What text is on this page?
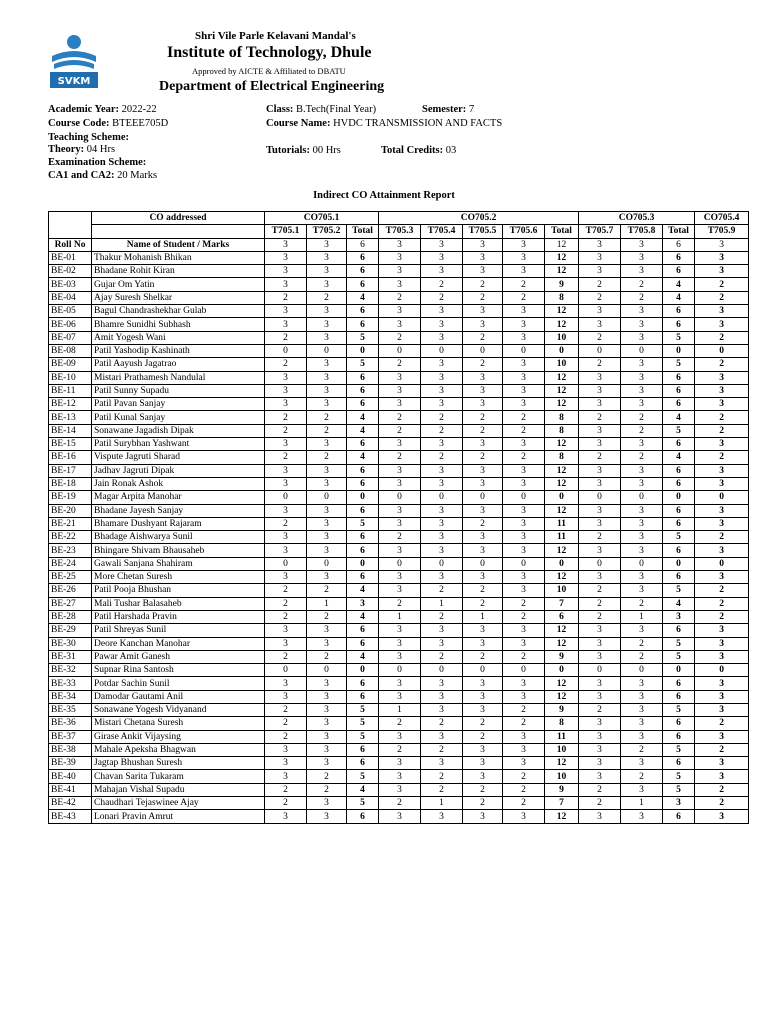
SVKM
Shri Vile Parle Kelavani Mandal's
Institute of Technology, Dhule
Approved by AICTE & Affiliated to DBATU
Department of Electrical Engineering
Academic Year: 2022-22	Class: B.Tech(Final Year)	Semester: 7
Course Code: BTEEE705D	Course Name: HVDC TRANSMISSION AND FACTS
Teaching Scheme:
Theory: 04 Hrs	Tutorials: 00 Hrs	Total Credits: 03
Examination Scheme:
CA1 and CA2: 20 Marks
Indirect CO Attainment Report
	CO addressed	CO705.1			CO705.2					CO705.3			CO705.4
		T705.1	T705.2	Total	T705.3	T705.4	T705.5	T705.6	Total	T705.7	T705.8	Total	T705.9
Roll No	Name of Student / Marks	3	3	6	3	3	3	3	12	3	3	6	3
BE-01	Thakur Mohanish Bhikan	3	3	6	3	3	3	3	12	3	3	6	3
BE-02	Bhadane Rohit Kiran	3	3	6	3	3	3	3	12	3	3	6	3
BE-03	Gujar Om Yatin	3	3	6	3	2	2	2	9	2	2	4	2
BE-04	Ajay Suresh Shelkar	2	2	4	2	2	2	2	8	2	2	4	2
BE-05	Bagul Chandrashekhar Gulab	3	3	6	3	3	3	3	12	3	3	6	3
BE-06	Bhamre Sunidhi Subhash	3	3	6	3	3	3	3	12	3	3	6	3
BE-07	Amit Yogesh Wani	2	3	5	2	3	2	3	10	2	3	5	2
BE-08	Patil Yashodip Kashinath	0	0	0	0	0	0	0	0	0	0	0	0
BE-09	Patil Aayush Jagatrao	2	3	5	2	3	2	3	10	2	3	5	2
BE-10	Mistari Prathamesh Nandulal	3	3	6	3	3	3	3	12	3	3	6	3
BE-11	Patil Sunny Supadu	3	3	6	3	3	3	3	12	3	3	6	3
BE-12	Patil Pavan Sanjay	3	3	6	3	3	3	3	12	3	3	6	3
BE-13	Patil Kunal Sanjay	2	2	4	2	2	2	2	8	2	2	4	2
BE-14	Sonawane Jagadish Dipak	2	2	4	2	2	2	2	8	3	2	5	2
BE-15	Patil Surybhan Yashwant	3	3	6	3	3	3	3	12	3	3	6	3
BE-16	Vispute Jagruti Sharad	2	2	4	2	2	2	2	8	2	2	4	2
BE-17	Jadhav Jagruti Dipak	3	3	6	3	3	3	3	12	3	3	6	3
BE-18	Jain Ronak Ashok	3	3	6	3	3	3	3	12	3	3	6	3
BE-19	Magar Arpita Manohar	0	0	0	0	0	0	0	0	0	0	0	0
BE-20	Bhadane Jayesh Sanjay	3	3	6	3	3	3	3	12	3	3	6	3
BE-21	Bhamare Dushyant Rajaram	2	3	5	3	3	2	3	11	3	3	6	3
BE-22	Bhadage Aishwarya Sunil	3	3	6	2	3	3	3	11	2	3	5	2
BE-23	Bhingare Shivam Bhausaheb	3	3	6	3	3	3	3	12	3	3	6	3
BE-24	Gawali Sanjana Shahiram	0	0	0	0	0	0	0	0	0	0	0	0
BE-25	More Chetan Suresh	3	3	6	3	3	3	3	12	3	3	6	3
BE-26	Patil Pooja Bhushan	2	2	4	3	2	2	3	10	2	3	5	2
BE-27	Mali Tushar Balasaheb	2	1	3	2	1	2	2	7	2	2	4	2
BE-28	Patil Harshada Pravin	2	2	4	1	2	1	2	6	2	1	3	2
BE-29	Patil Shreyas Sunil	3	3	6	3	3	3	3	12	3	3	6	3
BE-30	Deore Kanchan Manohar	3	3	6	3	3	3	3	12	3	2	5	3
BE-31	Pawar Amit Ganesh	2	2	4	3	2	2	2	9	3	2	5	3
BE-32	Supnar Rina Santosh	0	0	0	0	0	0	0	0	0	0	0	0
BE-33	Potdar Sachin Sunil	3	3	6	3	3	3	3	12	3	3	6	3
BE-34	Damodar Gautami Anil	3	3	6	3	3	3	3	12	3	3	6	3
BE-35	Sonawane Yogesh Vidyanand	2	3	5	1	3	3	2	9	2	3	5	3
BE-36	Mistari Chetana Suresh	2	3	5	2	2	2	2	8	3	3	6	2
BE-37	Girase Ankit Vijaysing	2	3	5	3	3	2	3	11	3	3	6	3
BE-38	Mahale Apeksha Bhagwan	3	3	6	2	2	3	3	10	3	2	5	2
BE-39	Jagtap Bhushan Suresh	3	3	6	3	3	3	3	12	3	3	6	3
BE-40	Chavan Sarita Tukaram	3	2	5	3	2	3	2	10	3	2	5	3
BE-41	Mahajan Vishal Supadu	2	2	4	3	2	2	2	9	2	3	5	2
BE-42	Chaudhari Tejaswinee Ajay	2	3	5	2	1	2	2	7	2	1	3	2
BE-43	Lonari Pravin Amrut	3	3	6	3	3	3	3	12	3	3	6	3
